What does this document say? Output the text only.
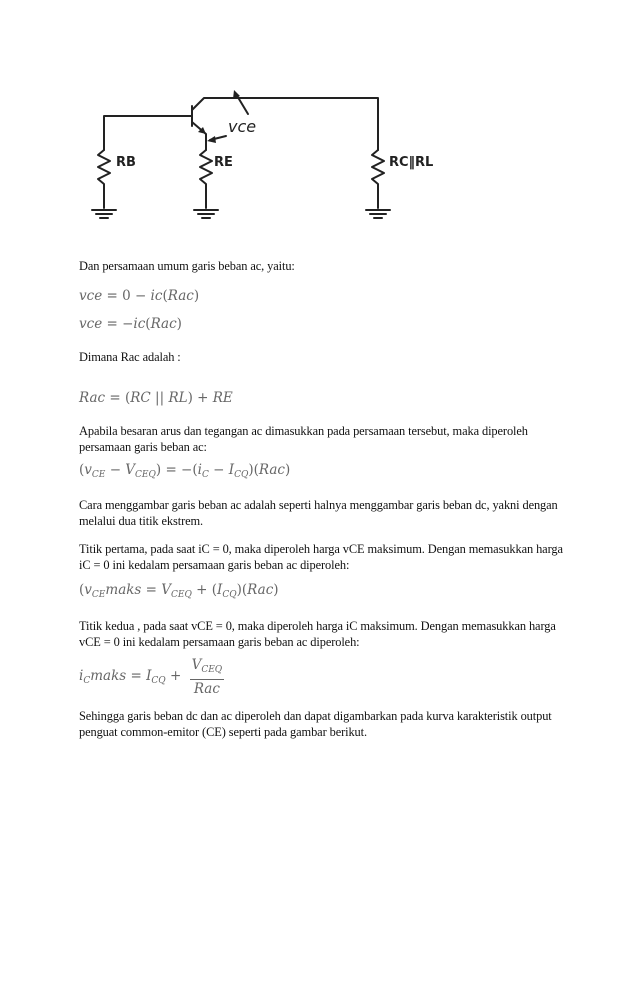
RB	RE	RC‖RL
vce

Dan persamaan umum garis beban ac, yaitu:

vce = 0 − ic(Rac)

vce = −ic(Rac)

Dimana Rac adalah :

Rac = (RC || RL) + RE

Apabila besaran arus dan tegangan ac dimasukkan pada persamaan tersebut, maka diperoleh persamaan garis beban ac:

$(v_{CE} - V_{CEQ}) = -(i_C - I_{CQ})(Rac)$

Cara menggambar garis beban ac adalah seperti halnya menggambar garis beban dc, yakni dengan melalui dua titik ekstrem.

Titik pertama, pada saat iC = 0, maka diperoleh harga vCE maksimum. Dengan memasukkan harga iC = 0 ini kedalam persamaan garis beban ac diperoleh:

($v_{CE}maks = V_{CEQ} + (I_{CQ})(Rac)$

Titik kedua , pada saat vCE = 0, maka diperoleh harga iC maksimum. Dengan memasukkan harga vCE = 0 ini kedalam persamaan garis beban ac diperoleh:

$i_Cmaks = I_{CQ} + \frac{V_{CEQ}}{\text{Rac}}$

Sehingga garis beban dc dan ac diperoleh dan dapat digambarkan pada kurva karakteristik output penguat common-emitor (CE) seperti pada gambar berikut.
